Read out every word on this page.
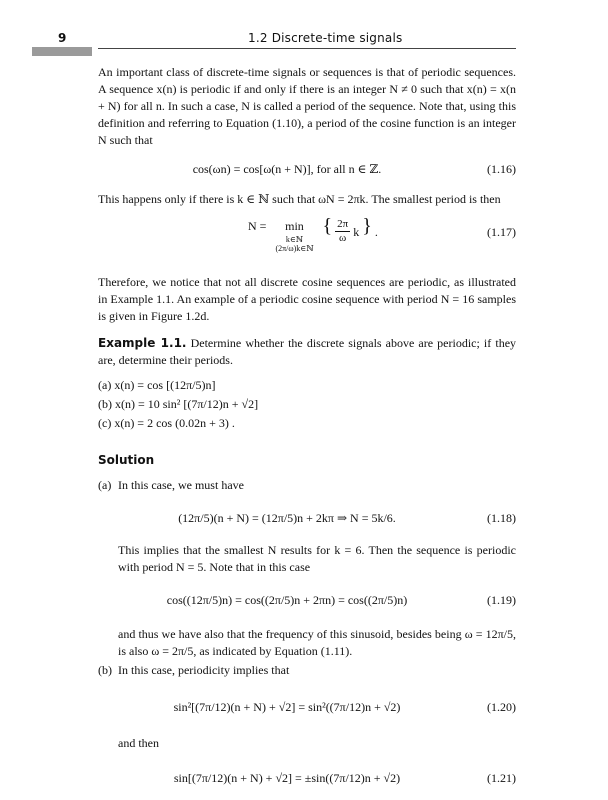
9	1.2 Discrete-time signals

An important class of discrete-time signals or sequences is that of periodic sequences. A sequence x(n) is periodic if and only if there is an integer N ≠ 0 such that x(n) = x(n + N) for all n. In such a case, N is called a period of the sequence. Note that, using this definition and referring to Equation (1.10), a period of the cosine function is an integer N such that

cos(ωn) = cos[ω(n + N)], for all n ∈ ℤ.	(1.16)

This happens only if there is k ∈ ℕ such that ωN = 2πk. The smallest period is then

N =	min
k∈ℕ
(2π/ω)k∈ℕ
{ $\frac{2\pi}{\omega}$ k } .	(1.17)

Therefore, we notice that not all discrete cosine sequences are periodic, as illustrated in Example 1.1. An example of a periodic cosine sequence with period N = 16 samples is given in Figure 1.2d.

Example 1.1. Determine whether the discrete signals above are periodic; if they are, determine their periods.

(a) x(n) = cos [(12π/5)n]
(b) x(n) = 10 sin² [(7π/12)n + √2]
(c) x(n) = 2 cos (0.02n + 3) .
Solution
(a) In this case, we must have
(12π/5)(n + N) = (12π/5)n + 2kπ ⇒ N = 5k/6.	(1.18)

This implies that the smallest N results for k = 6. Then the sequence is periodic with period N = 5. Note that in this case

cos((12π/5)n) = cos((2π/5)n + 2πn) = cos((2π/5)n)	(1.19)

and thus we have also that the frequency of this sinusoid, besides being ω = 12π/5, is also ω = 2π/5, as indicated by Equation (1.11).

(b) In this case, periodicity implies that
sin²[(7π/12)(n + N) + √2] = sin²((7π/12)n + √2)	(1.20)

and then

sin[(7π/12)(n + N) + √2] = ±sin((7π/12)n + √2)	(1.21)
